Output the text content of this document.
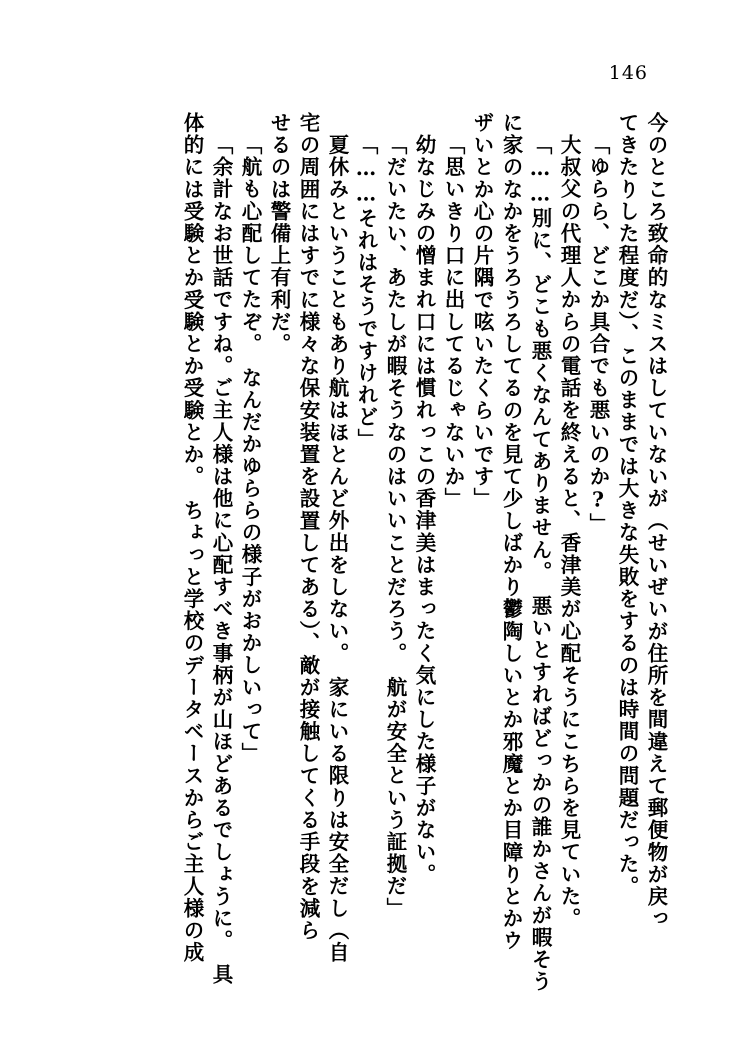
146
今のところ致命的なミスはしていないが（せいぜいが住所を間違えて郵便物が戻っ
てきたりした程度だ）、このままでは大きな失敗をするのは時間の問題だった。
「ゆらら、どこか具合でも悪いのか?」
大叔父の代理人からの電話を終えると、香津美が心配そうにこちらを見ていた。
「……別に、どこも悪くなんてありません。　悪いとすればどっかの誰かさんが暇そう
に家のなかをうろうろしてるのを見て少しばかり鬱陶しいとか邪魔とか目障りとかウ
ザいとか心の片隅で呟いたくらいです」
「思いきり口に出してるじゃないか」
幼なじみの憎まれ口には慣れっこの香津美はまったく気にした様子がない。
「だいたい、あたしが暇そうなのはいいことだろう。　航が安全という証拠だ」
「……それはそうですけれど」
夏休みということもあり航はほとんど外出をしない。　家にいる限りは安全だし（自
宅の周囲にはすでに様々な保安装置を設置してある）、敵が接触してくる手段を減ら
せるのは警備上有利だ。
「航も心配してたぞ。　なんだかゆららの様子がおかしいって」
「余計なお世話ですね。ご主人様は他に心配すべき事柄が山ほどあるでしょうに。　具
体的には受験とか受験とか受験とか。　ちょっと学校のデータベースからご主人様の成
